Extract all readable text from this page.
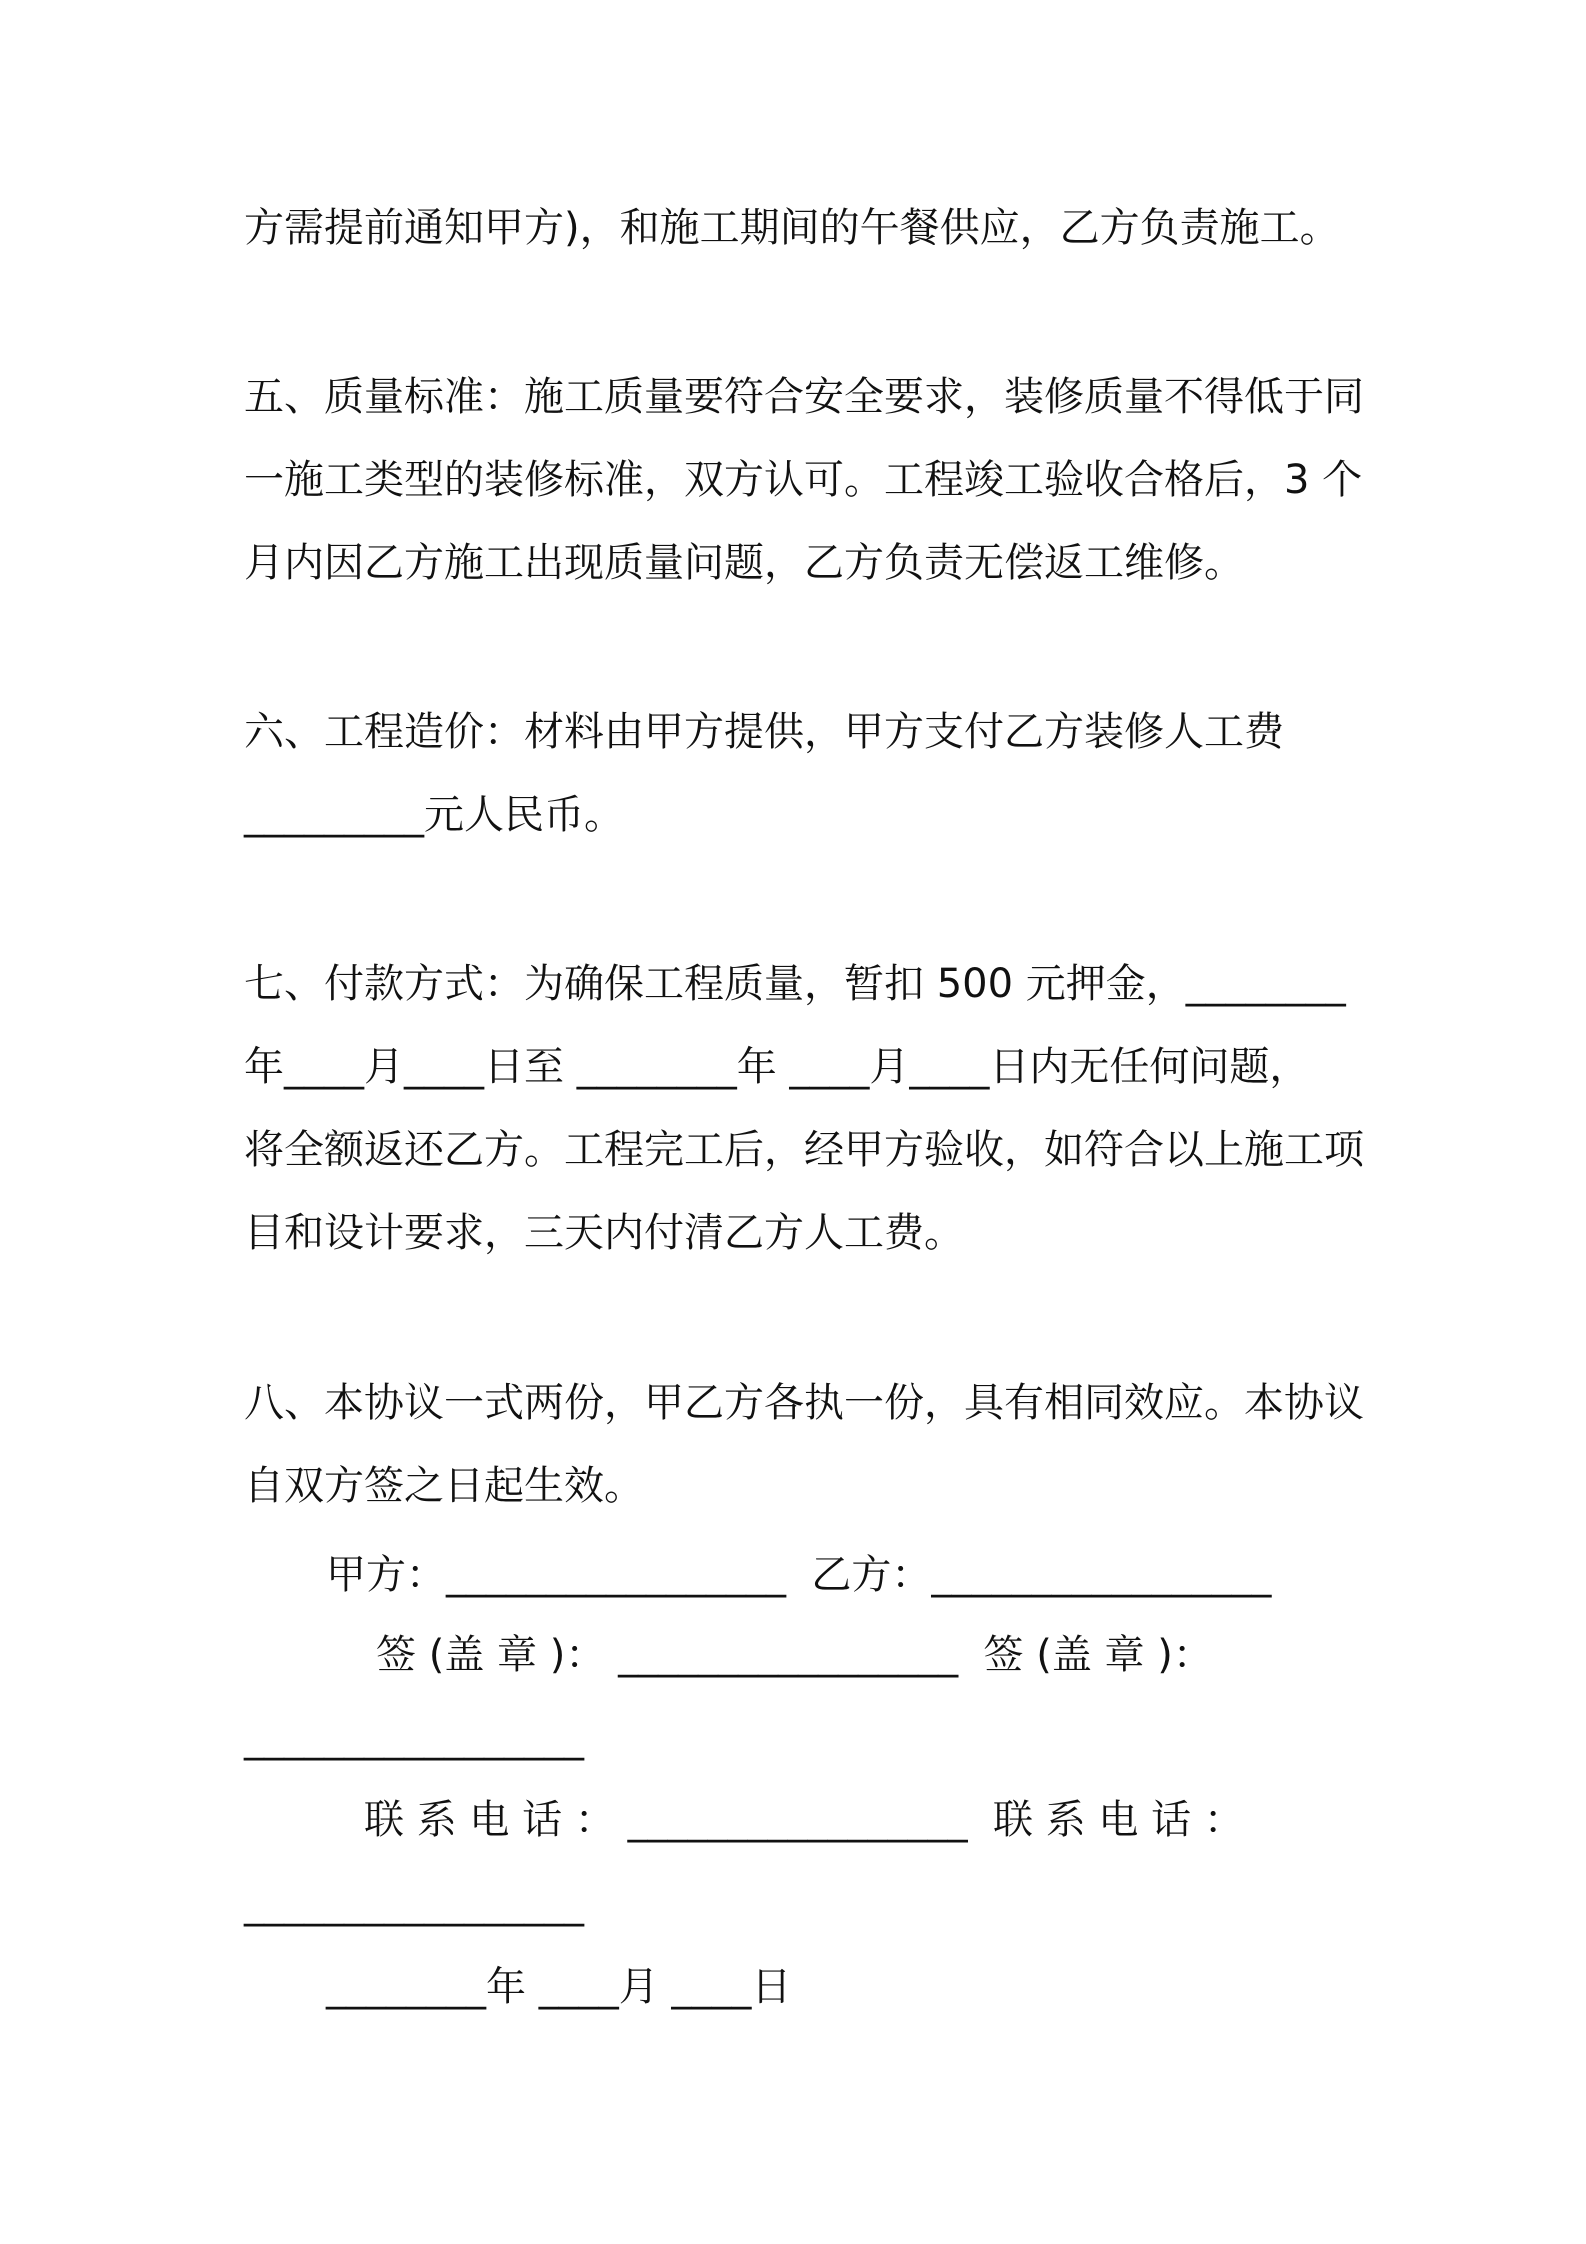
方需提前通知甲方)，和施工期间的午餐供应，乙方负责施工。
五、质量标准：施工质量要符合安全要求，装修质量不得低于同
一施工类型的装修标准，双方认可。工程竣工验收合格后，3 个
月内因乙方施工出现质量问题，乙方负责无偿返工维修。
六、工程造价：材料由甲方提供，甲方支付乙方装修人工费
_________元人民币。
七、付款方式：为确保工程质量，暂扣 500 元押金，________
年____月____日至 ________年 ____月____日内无任何问题，
将全额返还乙方。工程完工后，经甲方验收，如符合以上施工项
目和设计要求，三天内付清乙方人工费。
八、本协议一式两份，甲乙方各执一份，具有相同效应。本协议
自双方签之日起生效。
甲方：_________________  乙方：_________________
签 (盖 章 )： _________________  签 (盖 章 )：
_________________
联 系 电 话 ： _________________  联 系 电 话 ：
_________________
________年 ____月 ____日
